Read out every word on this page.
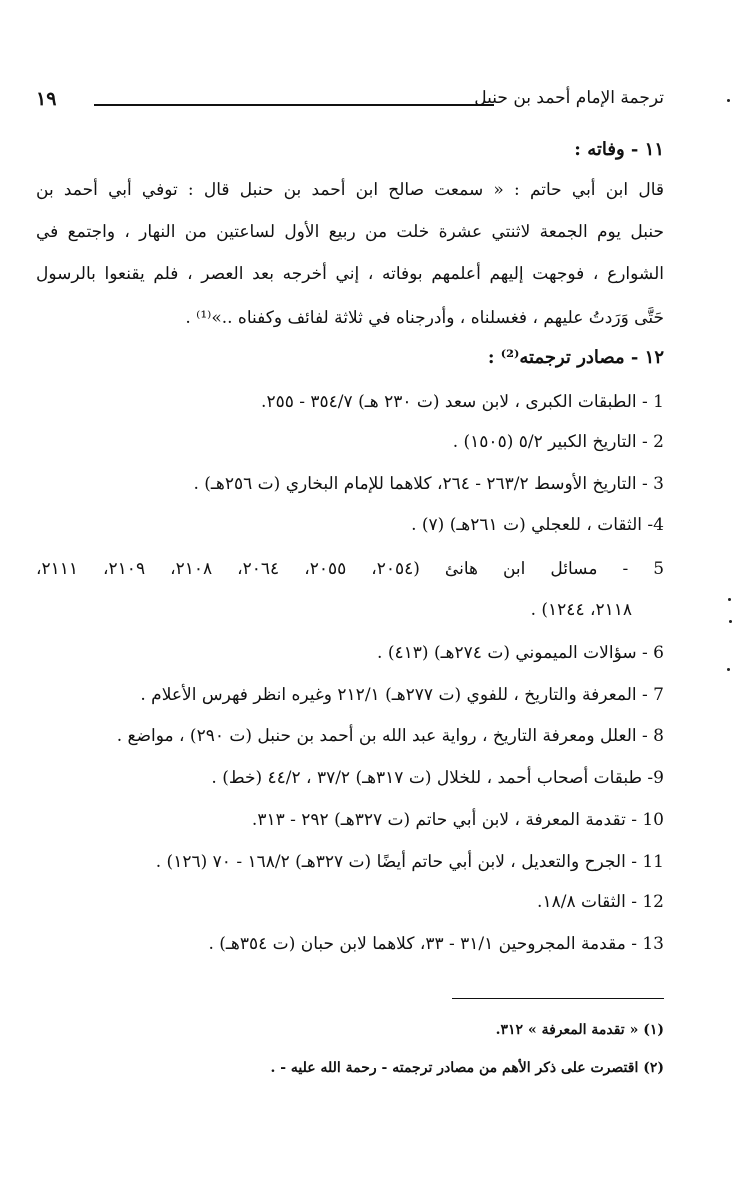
١٩	ترجمة الإمام أحمد بن حنبل
١١ - وفاته :
قال ابن أبي حاتم : « سمعت صالح ابن أحمد بن حنبل قال : توفي أبي أحمد بن
حنبل يوم الجمعة لاثنتي عشرة خلت من ربيع الأول لساعتين من النهار ، واجتمع في
الشوارع ، فوجهت إليهم أعلمهم بوفاته ، إني أخرجه بعد العصر ، فلم يقنعوا بالرسول
حَتَّى وَرَدتُ عليهم ، فغسلناه ، وأدرجناه في ثلاثة لفائف وكفناه ..»⁽¹⁾ .
١٢ - مصادر ترجمته⁽²⁾ :
1 - الطبقات الكبرى ، لابن سعد (ت ٢٣٠ هـ) ٣٥٤/٧ - ٢٥٥.
2 - التاريخ الكبير ٥/٢ (١٥٠٥) .
3 - التاريخ الأوسط ٢٦٣/٢ - ٢٦٤، كلاهما للإمام البخاري (ت ٢٥٦هـ) .
4- الثقات ، للعجلي (ت ٢٦١هـ) (٧) .
5 - مسائل ابن هانئ (٢٠٥٤، ٢٠٥٥، ٢٠٦٤، ٢١٠٨، ٢١٠٩، ٢١١١،
٢١١٨، ١٢٤٤) .
6 - سؤالات الميموني (ت ٢٧٤هـ) (٤١٣) .
7 - المعرفة والتاريخ ، للفوي (ت ٢٧٧هـ) ٢١٢/١ وغيره انظر فهرس الأعلام .
8 - العلل ومعرفة التاريخ ، رواية عبد الله بن أحمد بن حنبل (ت ٢٩٠) ، مواضع .
9- طبقات أصحاب أحمد ، للخلال (ت ٣١٧هـ) ٣٧/٢ ، ٤٤/٢ (خط) .
10 - تقدمة المعرفة ، لابن أبي حاتم (ت ٣٢٧هـ) ٢٩٢ - ٣١٣.
11 - الجرح والتعديل ، لابن أبي حاتم أيضًا (ت ٣٢٧هـ) ١٦٨/٢ - ٧٠ (١٢٦) .
12 - الثقات ١٨/٨.
13 - مقدمة المجروحين ٣١/١ - ٣٣، كلاهما لابن حبان (ت ٣٥٤هـ) .
(١) « تقدمة المعرفة » ٣١٢.
(٢) اقتصرت على ذكر الأهم من مصادر ترجمته - رحمة الله عليه - .
